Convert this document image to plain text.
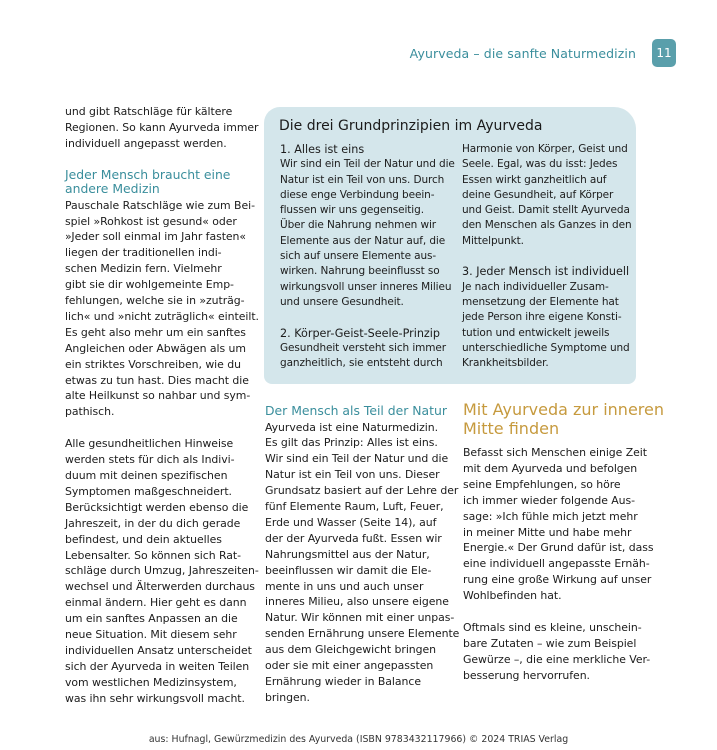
Ayurveda – die sanfte Naturmedizin	11
und gibt Ratschläge für kältere
Regionen. So kann Ayurveda immer
individuell angepasst werden.
Jeder Mensch braucht eine
andere Medizin
Pauschale Ratschläge wie zum Bei-
spiel »Rohkost ist gesund« oder
»Jeder soll einmal im Jahr fasten«
liegen der traditionellen indi-
schen Medizin fern. Vielmehr
gibt sie dir wohlgemeinte Emp-
fehlungen, welche sie in »zuträg-
lich« und »nicht zuträglich« einteilt.
Es geht also mehr um ein sanftes
Angleichen oder Abwägen als um
ein striktes Vorschreiben, wie du
etwas zu tun hast. Dies macht die
alte Heilkunst so nahbar und sym-
pathisch.
Alle gesundheitlichen Hinweise
werden stets für dich als Indivi-
duum mit deinen spezifischen
Symptomen maßgeschneidert.
Berücksichtigt werden ebenso die
Jahreszeit, in der du dich gerade
befindest, und dein aktuelles
Lebensalter. So können sich Rat-
schläge durch Umzug, Jahreszeiten-
wechsel und Älterwerden durchaus
einmal ändern. Hier geht es dann
um ein sanftes Anpassen an die
neue Situation. Mit diesem sehr
individuellen Ansatz unterscheidet
sich der Ayurveda in weiten Teilen
vom westlichen Medizinsystem,
was ihn sehr wirkungsvoll macht.
Die drei Grundprinzipien im Ayurveda
1. Alles ist eins
Wir sind ein Teil der Natur und die
Natur ist ein Teil von uns. Durch
diese enge Verbindung beein-
flussen wir uns gegenseitig.
Über die Nahrung nehmen wir
Elemente aus der Natur auf, die
sich auf unsere Elemente aus-
wirken. Nahrung beeinflusst so
wirkungsvoll unser inneres Milieu
und unsere Gesundheit.
2. Körper-Geist-Seele-Prinzip
Gesundheit versteht sich immer
ganzheitlich, sie entsteht durch
Harmonie von Körper, Geist und
Seele. Egal, was du isst: Jedes
Essen wirkt ganzheitlich auf
deine Gesundheit, auf Körper
und Geist. Damit stellt Ayurveda
den Menschen als Ganzes in den
Mittelpunkt.
3. Jeder Mensch ist individuell
Je nach individueller Zusam-
mensetzung der Elemente hat
jede Person ihre eigene Konsti-
tution und entwickelt jeweils
unterschiedliche Symptome und
Krankheitsbilder.
Der Mensch als Teil der Natur
Ayurveda ist eine Naturmedizin.
Es gilt das Prinzip: Alles ist eins.
Wir sind ein Teil der Natur und die
Natur ist ein Teil von uns. Dieser
Grundsatz basiert auf der Lehre der
fünf Elemente Raum, Luft, Feuer,
Erde und Wasser (Seite 14), auf
der der Ayurveda fußt. Essen wir
Nahrungsmittel aus der Natur,
beeinflussen wir damit die Ele-
mente in uns und auch unser
inneres Milieu, also unsere eigene
Natur. Wir können mit einer unpas-
senden Ernährung unsere Elemente
aus dem Gleichgewicht bringen
oder sie mit einer angepassten
Ernährung wieder in Balance
bringen.
Mit Ayurveda zur inneren
Mitte finden
Befasst sich Menschen einige Zeit
mit dem Ayurveda und befolgen
seine Empfehlungen, so höre
ich immer wieder folgende Aus-
sage: »Ich fühle mich jetzt mehr
in meiner Mitte und habe mehr
Energie.« Der Grund dafür ist, dass
eine individuell angepasste Ernäh-
rung eine große Wirkung auf unser
Wohlbefinden hat.
Oftmals sind es kleine, unschein-
bare Zutaten – wie zum Beispiel
Gewürze –, die eine merkliche Ver-
besserung hervorrufen.
aus: Hufnagl, Gewürzmedizin des Ayurveda (ISBN 9783432117966) © 2024 TRIAS Verlag
